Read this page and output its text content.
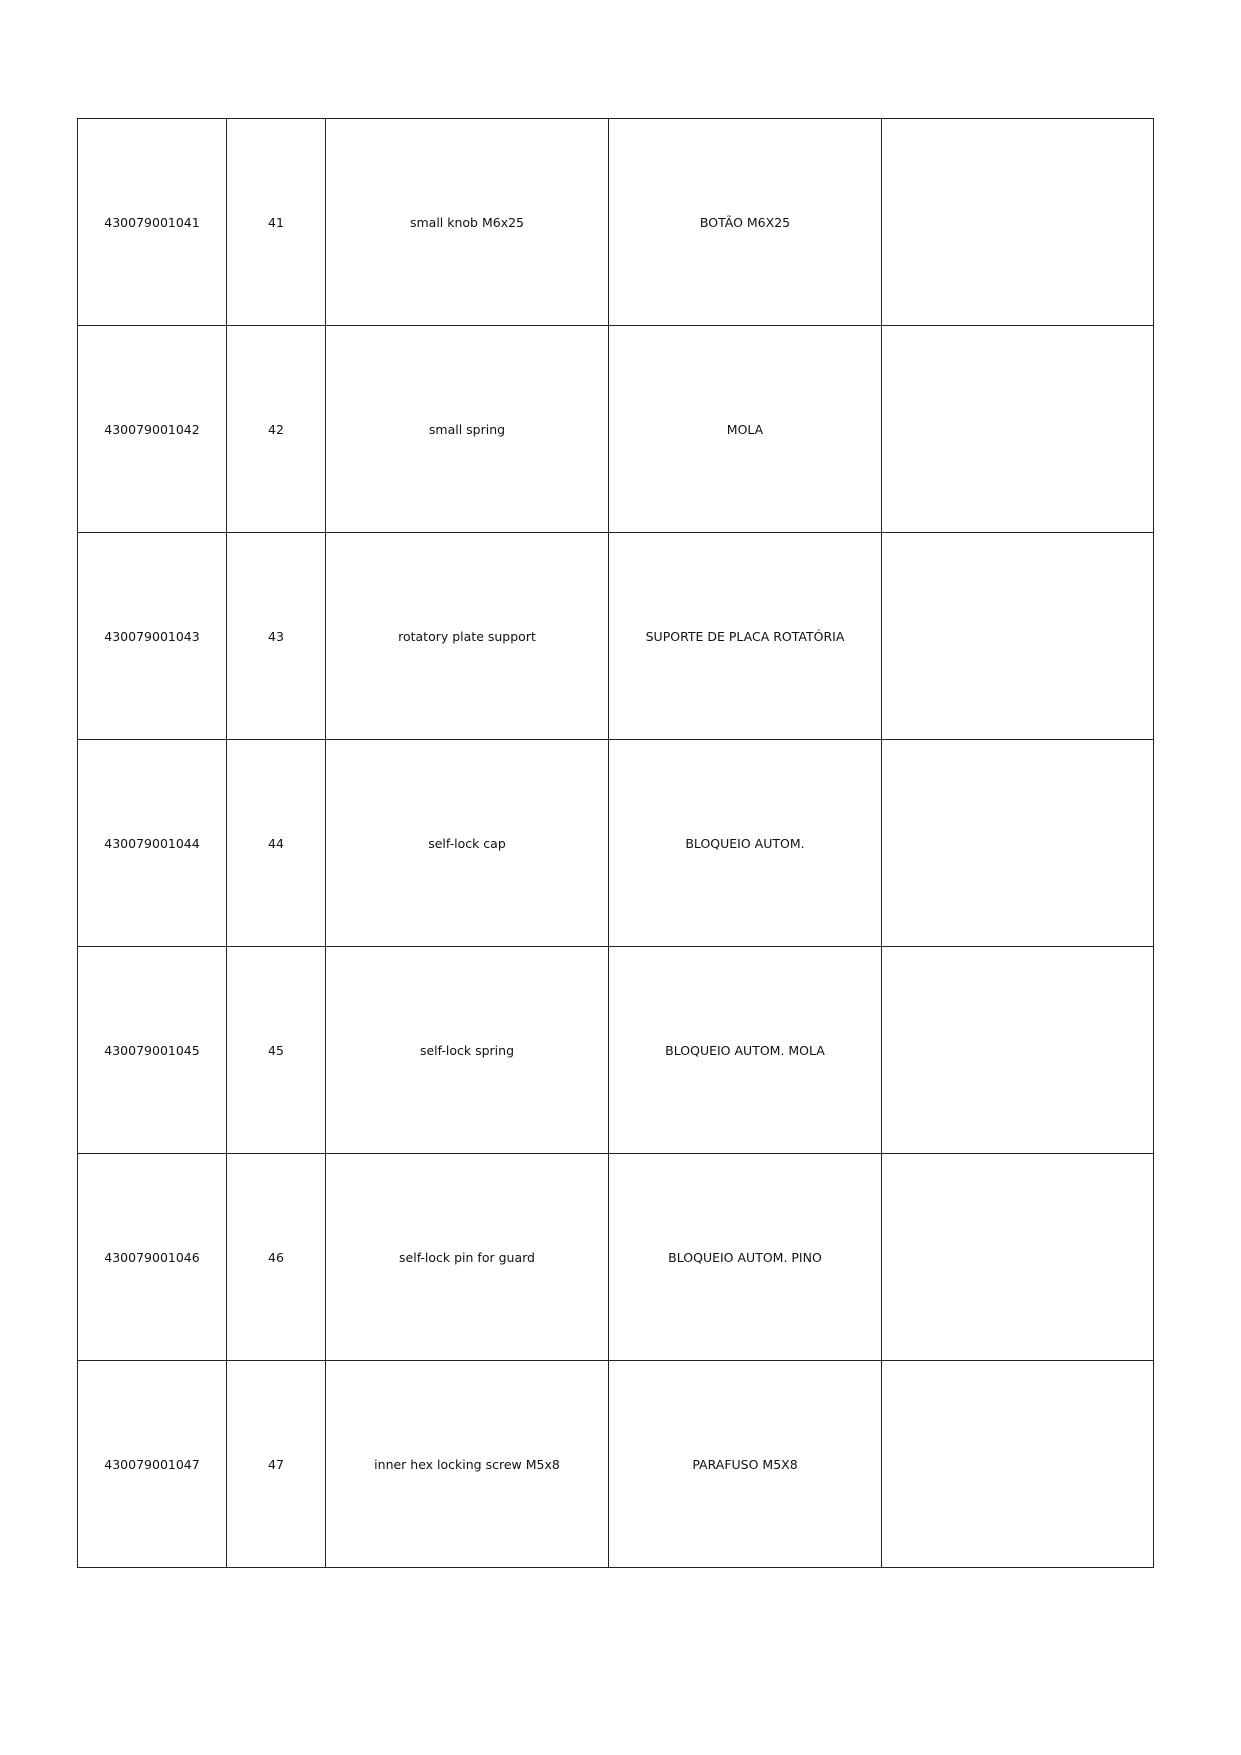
430079001041	41	small knob M6x25	BOTÃO M6X25	
430079001042	42	small spring	MOLA	
430079001043	43	rotatory plate support	SUPORTE DE PLACA ROTATÓRIA	
430079001044	44	self-lock cap	BLOQUEIO AUTOM.	
430079001045	45	self-lock spring	BLOQUEIO AUTOM. MOLA	
430079001046	46	self-lock pin for guard	BLOQUEIO AUTOM. PINO	
430079001047	47	inner hex locking screw M5x8	PARAFUSO M5X8	
